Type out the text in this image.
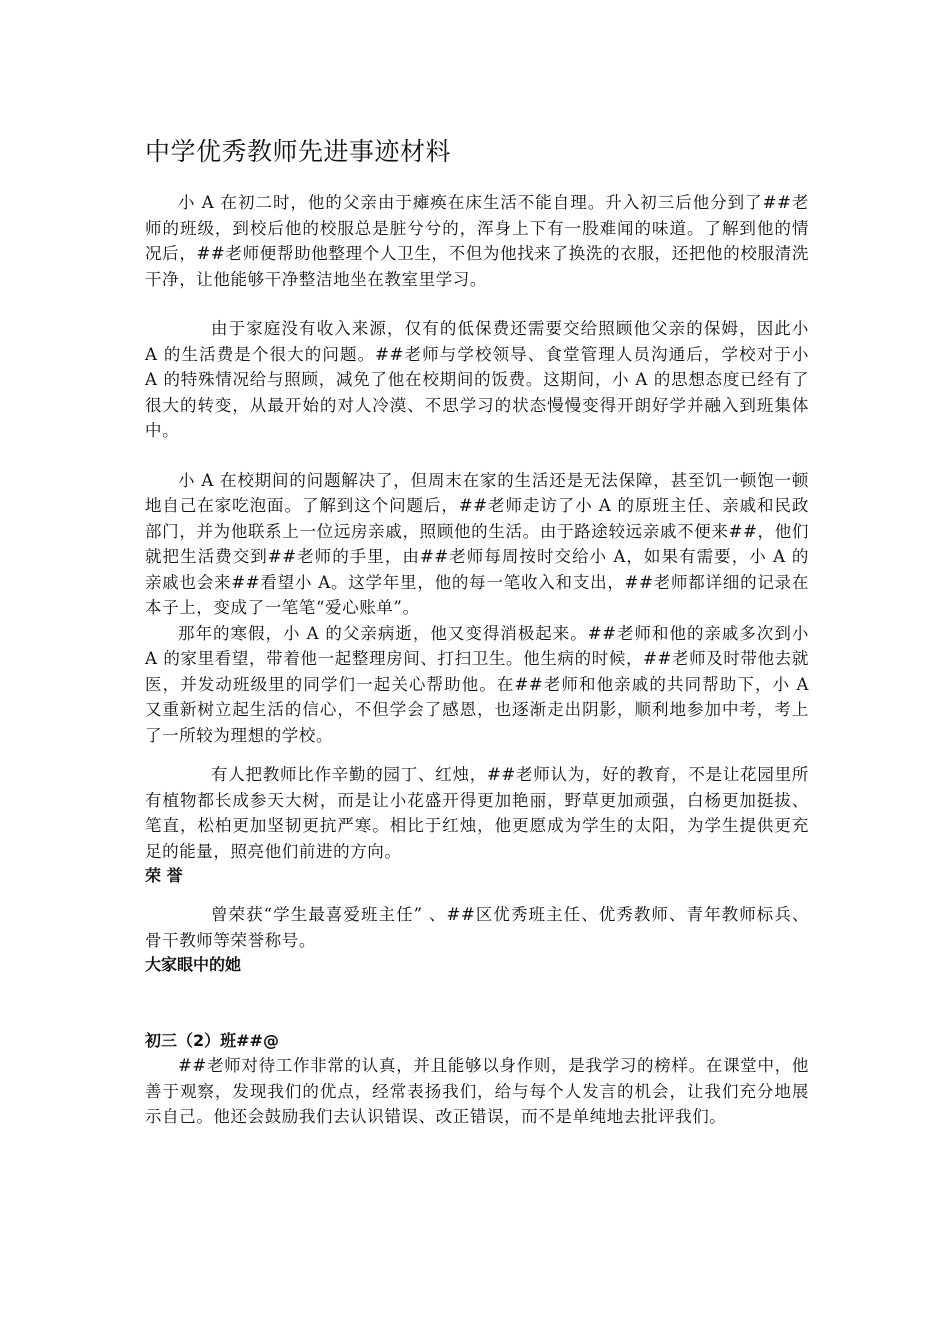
中学优秀教师先进事迹材料

小 A 在初二时，他的父亲由于瘫痪在床生活不能自理。升入初三后他分到了##老师的班级，到校后他的校服总是脏兮兮的，浑身上下有一股难闻的味道。了解到他的情况后，##老师便帮助他整理个人卫生，不但为他找来了换洗的衣服，还把他的校服清洗干净，让他能够干净整洁地坐在教室里学习。

由于家庭没有收入来源，仅有的低保费还需要交给照顾他父亲的保姆，因此小 A 的生活费是个很大的问题。##老师与学校领导、食堂管理人员沟通后，学校对于小 A 的特殊情况给与照顾，减免了他在校期间的饭费。这期间，小 A 的思想态度已经有了很大的转变，从最开始的对人冷漠、不思学习的状态慢慢变得开朗好学并融入到班集体中。

小 A 在校期间的问题解决了，但周末在家的生活还是无法保障，甚至饥一顿饱一顿地自己在家吃泡面。了解到这个问题后，##老师走访了小 A 的原班主任、亲戚和民政部门，并为他联系上一位远房亲戚，照顾他的生活。由于路途较远亲戚不便来##，他们就把生活费交到##老师的手里，由##老师每周按时交给小 A，如果有需要，小 A 的亲戚也会来##看望小 A。这学年里，他的每一笔收入和支出，##老师都详细的记录在本子上，变成了一笔笔“爱心账单”。

那年的寒假，小 A 的父亲病逝，他又变得消极起来。##老师和他的亲戚多次到小 A 的家里看望，带着他一起整理房间、打扫卫生。他生病的时候，##老师及时带他去就医，并发动班级里的同学们一起关心帮助他。在##老师和他亲戚的共同帮助下，小 A 又重新树立起生活的信心，不但学会了感恩，也逐渐走出阴影，顺利地参加中考，考上了一所较为理想的学校。

有人把教师比作辛勤的园丁、红烛，##老师认为，好的教育，不是让花园里所有植物都长成参天大树，而是让小花盛开得更加艳丽，野草更加顽强，白杨更加挺拔、笔直，松柏更加坚韧更抗严寒。相比于红烛，他更愿成为学生的太阳，为学生提供更充足的能量，照亮他们前进的方向。

荣 誉

曾荣获“学生最喜爱班主任” 、##区优秀班主任、优秀教师、青年教师标兵、骨干教师等荣誉称号。

大家眼中的她
初三（2）班##@

##老师对待工作非常的认真，并且能够以身作则，是我学习的榜样。在课堂中，他善于观察，发现我们的优点，经常表扬我们，给与每个人发言的机会，让我们充分地展示自己。他还会鼓励我们去认识错误、改正错误，而不是单纯地去批评我们。
